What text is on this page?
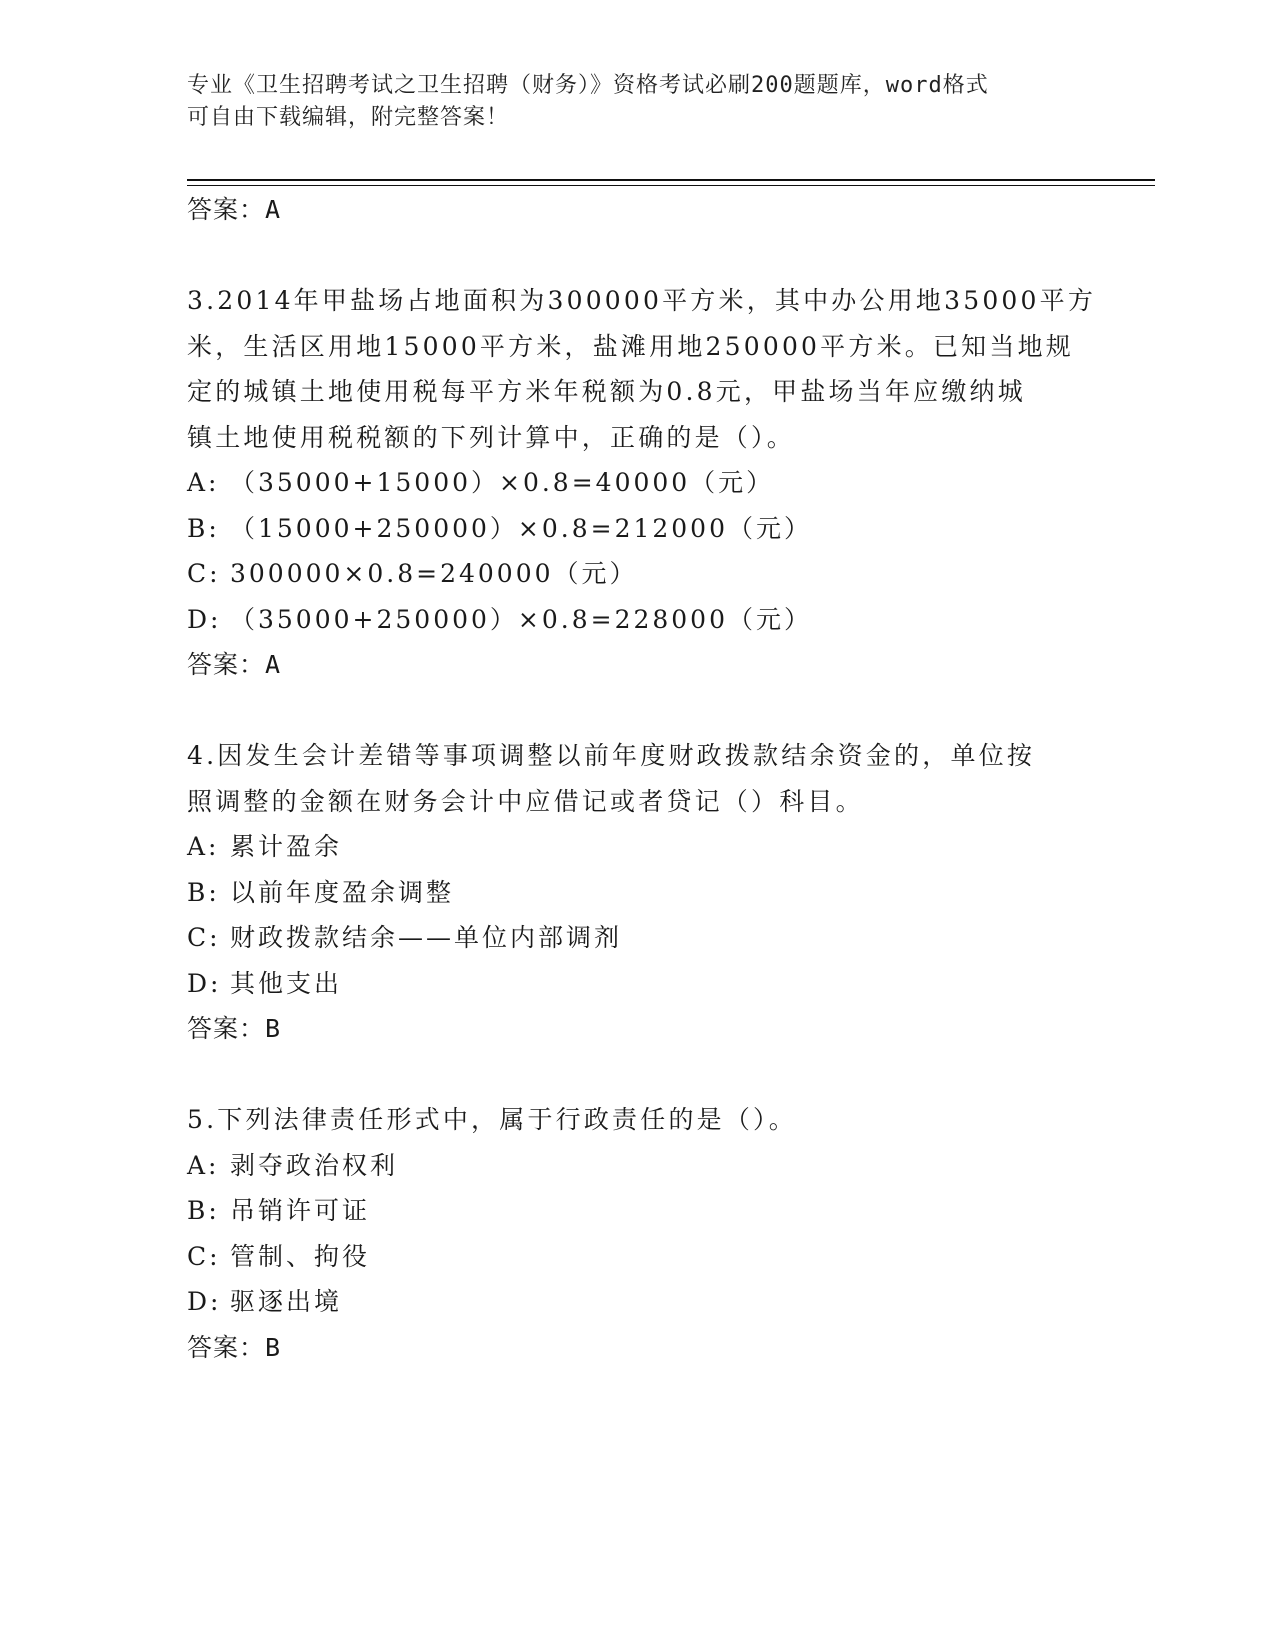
专业《卫生招聘考试之卫生招聘（财务）》资格考试必刷200题题库，word格式
可自由下载编辑，附完整答案！
答案：A
3.2014年甲盐场占地面积为300000平方米，其中办公用地35000平方
米，生活区用地15000平方米，盐滩用地250000平方米。已知当地规
定的城镇土地使用税每平方米年税额为0.8元，甲盐场当年应缴纳城
镇土地使用税税额的下列计算中，正确的是（）。
A: （35000+15000）×0.8=40000（元）
B: （15000+250000）×0.8=212000（元）
C: 300000×0.8=240000（元）
D: （35000+250000）×0.8=228000（元）
答案：A
4.因发生会计差错等事项调整以前年度财政拨款结余资金的，单位按
照调整的金额在财务会计中应借记或者贷记（）科目。
A: 累计盈余
B: 以前年度盈余调整
C: 财政拨款结余——单位内部调剂
D: 其他支出
答案：B
5.下列法律责任形式中，属于行政责任的是（）。
A: 剥夺政治权利
B: 吊销许可证
C: 管制、拘役
D: 驱逐出境
答案：B
